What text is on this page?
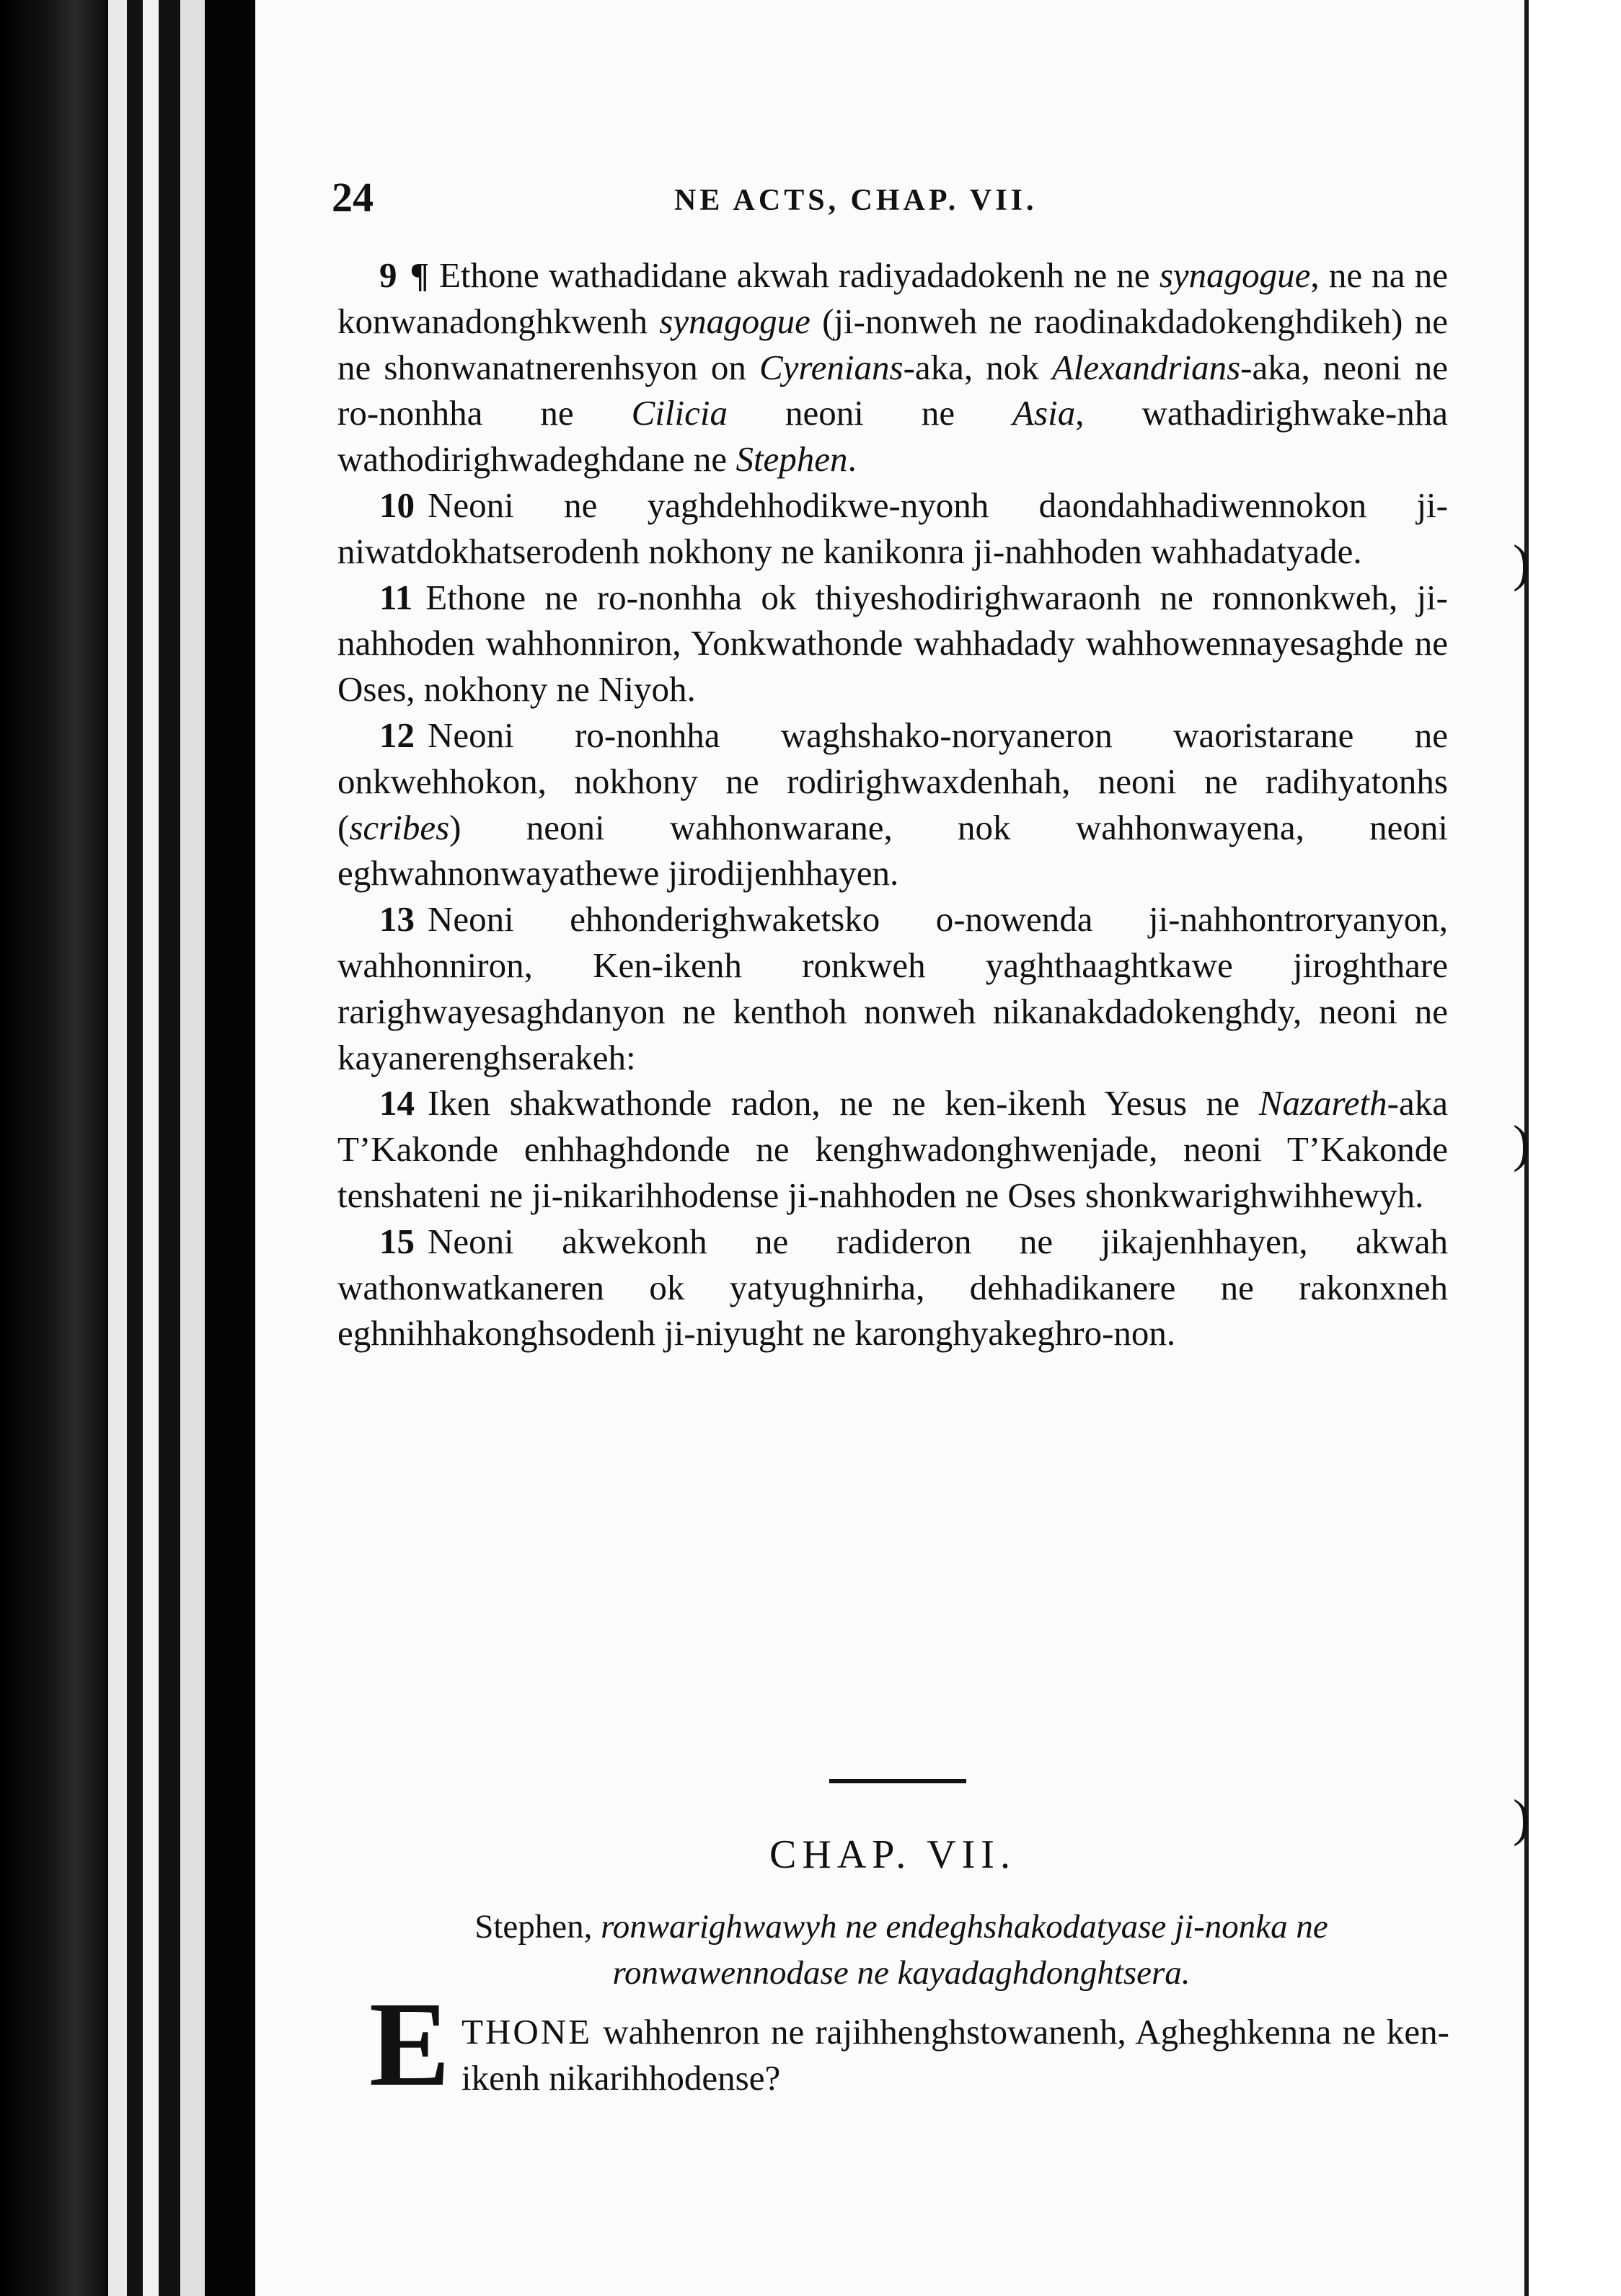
)
)
)
24	NE ACTS, CHAP. VII.

9 ¶ Ethone wathadidane akwah radiyadadokenh ne ne synagogue, ne na ne konwanadonghkwenh synagogue (ji-nonweh ne raodinakdadokenghdikeh) ne ne shonwanatnerenhsyon on Cyrenians-aka, nok Alexandrians-aka, neoni ne ro-nonhha ne Cilicia neoni ne Asia, wathadirighwake-nha wathodirighwadeghdane ne Stephen.

10 Neoni ne yaghdehhodikwe-nyonh daondahhadiwennokon ji-niwatdokhatserodenh nokhony ne kanikonra ji-nahhoden wahhadatyade.

11 Ethone ne ro-nonhha ok thiyeshodirighwaraonh ne ronnonkweh, ji-nahhoden wahhonniron, Yonkwathonde wahhadady wahhowennayesaghde ne Oses, nokhony ne Niyoh.

12 Neoni ro-nonhha waghshako-noryaneron waoristarane ne onkwehhokon, nokhony ne rodirighwaxdenhah, neoni ne radihyatonhs (scribes) neoni wahhonwarane, nok wahhonwayena, neoni eghwahnonwayathewe jirodijenhhayen.

13 Neoni ehhonderighwaketsko o-nowenda ji-nahhontroryanyon, wahhonniron, Ken-ikenh ronkweh yaghthaaghtkawe jiroghthare rarighwayesaghdanyon ne kenthoh nonweh nikanakdadokenghdy, neoni ne kayanerenghserakeh:

14 Iken shakwathonde radon, ne ne ken-ikenh Yesus ne Nazareth-aka T’Kakonde enhhaghdonde ne kenghwadonghwenjade, neoni T’Kakonde tenshateni ne ji-nikarihhodense ji-nahhoden ne Oses shonkwarighwihhewyh.

15 Neoni akwekonh ne radideron ne jikajenhhayen, akwah wathonwatkaneren ok yatyughnirha, dehhadikanere ne rakonxneh eghnihhakonghsodenh ji-niyught ne karonghyakeghro-non.

CHAP. VII.
Stephen, ronwarighwawyh ne endeghshakodatyase ji-nonka ne ronwawennodase ne kayadaghdonghtsera.
E THONE wahhenron ne rajihhenghstowanenh, Agheghkenna ne ken-ikenh nikarihhodense?
